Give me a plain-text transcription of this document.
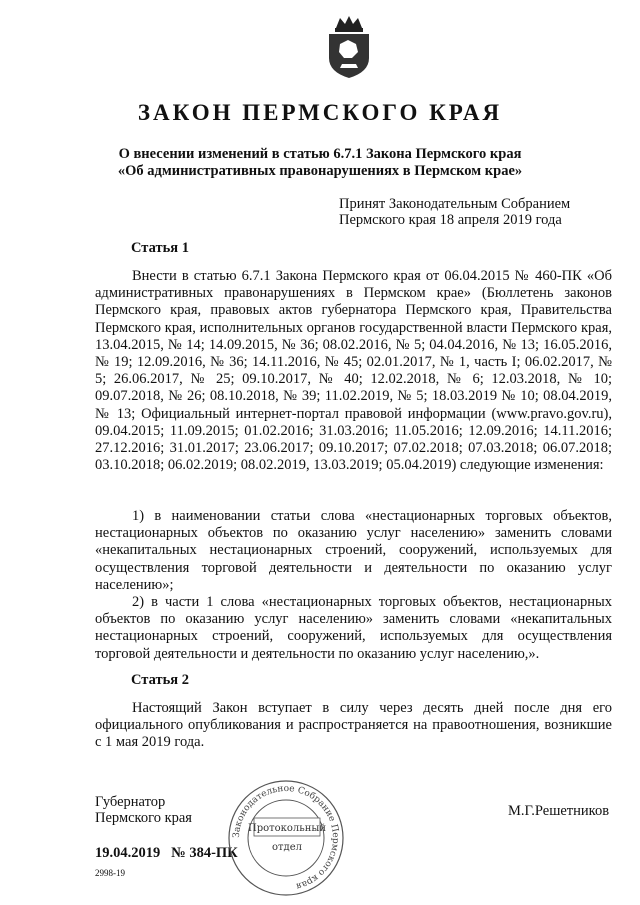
ЗАКОН ПЕРМСКОГО КРАЯ
О внесении изменений в статью 6.7.1 Закона Пермского края
«Об административных правонарушениях в Пермском крае»
Принят Законодательным Собранием
Пермского края 18 апреля 2019 года
Статья 1

Внести в статью 6.7.1 Закона Пермского края от 06.04.2015 № 460-ПК «Об административных правонарушениях в Пермском крае» (Бюллетень законов Пермского края, правовых актов губернатора Пермского края, Правительства Пермского края, исполнительных органов государственной власти Пермского края, 13.04.2015, № 14; 14.09.2015, № 36; 08.02.2016, № 5; 04.04.2016, № 13; 16.05.2016, № 19; 12.09.2016, № 36; 14.11.2016, № 45; 02.01.2017, № 1, часть I; 06.02.2017, № 5; 26.06.2017, № 25; 09.10.2017, № 40; 12.02.2018, № 6; 12.03.2018, № 10; 09.07.2018, № 26; 08.10.2018, № 39; 11.02.2019, № 5; 18.03.2019 № 10; 08.04.2019, № 13; Официальный интернет-портал правовой информации (www.pravo.gov.ru), 09.04.2015; 11.09.2015; 01.02.2016; 31.03.2016; 11.05.2016; 12.09.2016; 14.11.2016; 27.12.2016; 31.01.2017; 23.06.2017; 09.10.2017; 07.02.2018; 07.03.2018; 06.07.2018; 03.10.2018; 06.02.2019; 08.02.2019, 13.03.2019; 05.04.2019) следующие изменения:

1) в наименовании статьи слова «нестационарных торговых объектов, нестационарных объектов по оказанию услуг населению» заменить словами «некапитальных нестационарных строений, сооружений, используемых для осуществления торговой деятельности и деятельности по оказанию услуг населению»;

2) в части 1 слова «нестационарных торговых объектов, нестационарных объектов по оказанию услуг населению» заменить словами «некапитальных нестационарных строений, сооружений, используемых для осуществления торговой деятельности и деятельности по оказанию услуг населению,».

Статья 2

Настоящий Закон вступает в силу через десять дней после дня его официального опубликования и распространяется на правоотношения, возникшие с 1 мая 2019 года.

Губернатор
Пермского края	М.Г.Решетников
19.04.2019   № 384-ПК
2998-19
Законодательное Собрание Пермского края
Протокольный
отдел
